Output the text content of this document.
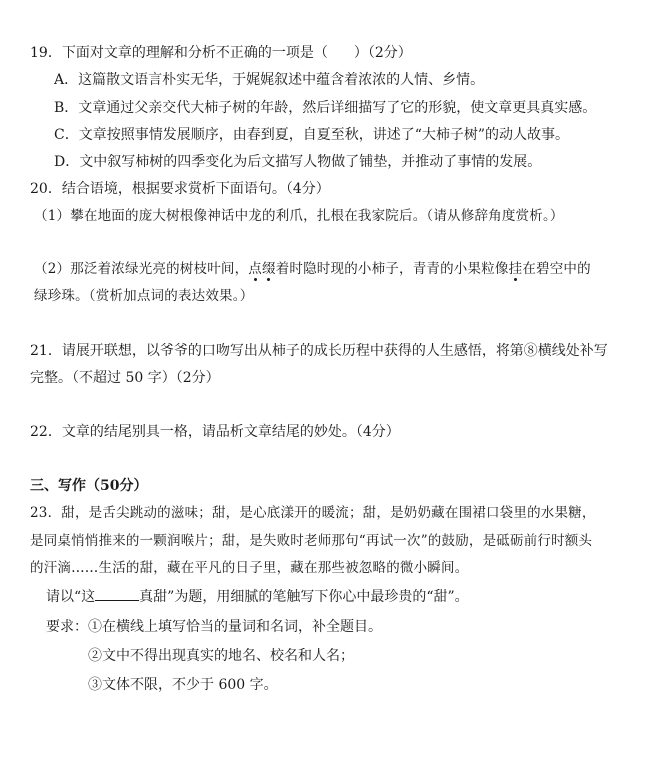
19．下面对文章的理解和分析不正确的一项是（ ）（2分）
A．这篇散文语言朴实无华，于娓娓叙述中蕴含着浓浓的人情、乡情。
B．文章通过父亲交代大柿子树的年龄，然后详细描写了它的形貌，使文章更具真实感。
C．文章按照事情发展顺序，由春到夏，自夏至秋，讲述了“大柿子树”的动人故事。
D．文中叙写柿树的四季变化为后文描写人物做了铺垫，并推动了事情的发展。
20．结合语境，根据要求赏析下面语句。（4分）
（1）攀在地面的庞大树根像神话中龙的利爪，扎根在我家院后。（请从修辞角度赏析。）
（2）那泛着浓绿光亮的树枝叶间，点缀着时隐时现的小柿子，青青的小果粒像挂在碧空中的
绿珍珠。（赏析加点词的表达效果。）
21．请展开联想，以爷爷的口吻写出从柿子的成长历程中获得的人生感悟，将第⑧横线处补写
完整。（不超过 50 字）（2分）
22．文章的结尾别具一格，请品析文章结尾的妙处。（4分）
三、写作（50分）
23．甜，是舌尖跳动的滋味；甜，是心底漾开的暖流；甜，是奶奶藏在围裙口袋里的水果糖，
是同桌悄悄推来的一颗润喉片；甜，是失败时老师那句“再试一次”的鼓励，是砥砺前行时额头
的汗滴……生活的甜，藏在平凡的日子里，藏在那些被忽略的微小瞬间。
请以“这	真甜”为题，用细腻的笔触写下你心中最珍贵的“甜”。
要求：①在横线上填写恰当的量词和名词，补全题目。
②文中不得出现真实的地名、校名和人名；
③文体不限，不少于 600 字。
